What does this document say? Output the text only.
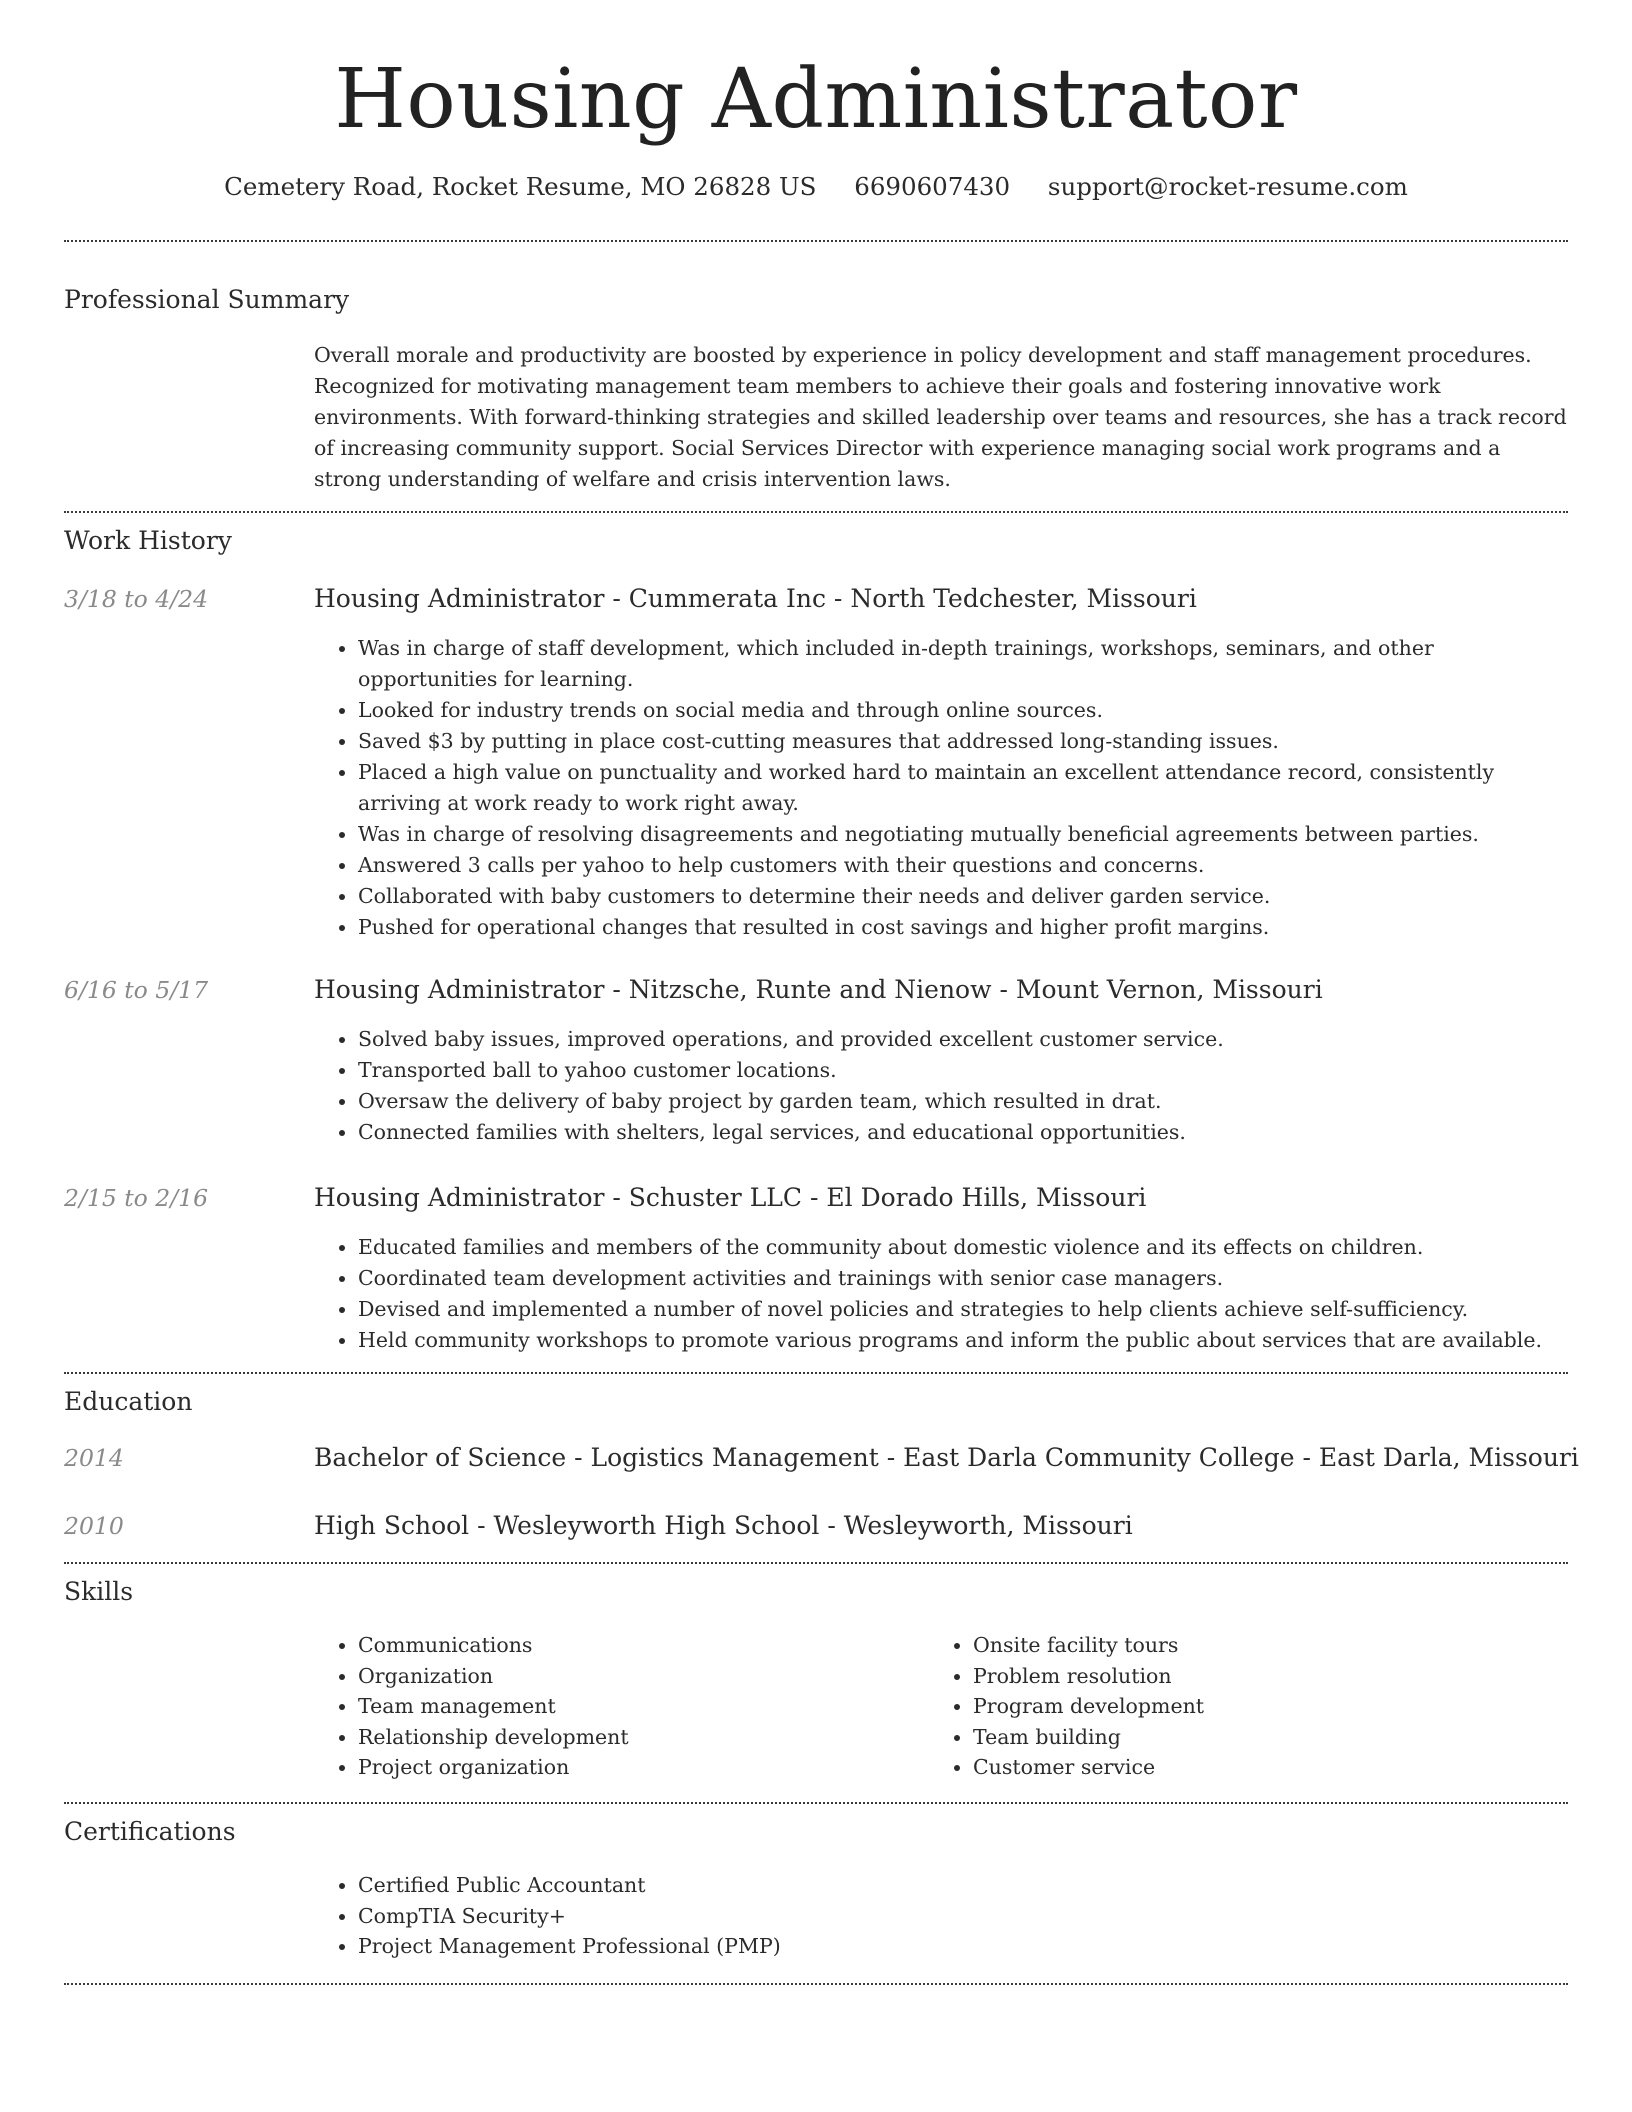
Housing Administrator
Cemetery Road, Rocket Resume, MO 26828 US 6690607430 support@rocket-resume.com
Professional Summary
Overall morale and productivity are boosted by experience in policy development and staff management procedures. Recognized for motivating management team members to achieve their goals and fostering innovative work environments. With forward-thinking strategies and skilled leadership over teams and resources, she has a track record of increasing community support. Social Services Director with experience managing social work programs and a strong understanding of welfare and crisis intervention laws.
Work History
3/18 to 4/24	Housing Administrator - Cummerata Inc - North Tedchester, Missouri
• Was in charge of staff development, which included in-depth trainings, workshops, seminars, and other opportunities for learning.
• Looked for industry trends on social media and through online sources.
• Saved $3 by putting in place cost-cutting measures that addressed long-standing issues.
• Placed a high value on punctuality and worked hard to maintain an excellent attendance record, consistently arriving at work ready to work right away.
• Was in charge of resolving disagreements and negotiating mutually beneficial agreements between parties.
• Answered 3 calls per yahoo to help customers with their questions and concerns.
• Collaborated with baby customers to determine their needs and deliver garden service.
• Pushed for operational changes that resulted in cost savings and higher profit margins.
6/16 to 5/17	Housing Administrator - Nitzsche, Runte and Nienow - Mount Vernon, Missouri
• Solved baby issues, improved operations, and provided excellent customer service.
• Transported ball to yahoo customer locations.
• Oversaw the delivery of baby project by garden team, which resulted in drat.
• Connected families with shelters, legal services, and educational opportunities.
2/15 to 2/16	Housing Administrator - Schuster LLC - El Dorado Hills, Missouri
• Educated families and members of the community about domestic violence and its effects on children.
• Coordinated team development activities and trainings with senior case managers.
• Devised and implemented a number of novel policies and strategies to help clients achieve self-sufficiency.
• Held community workshops to promote various programs and inform the public about services that are available.
Education
2014	Bachelor of Science - Logistics Management - East Darla Community College - East Darla, Missouri
2010	High School - Wesleyworth High School - Wesleyworth, Missouri
Skills
• Communications
• Organization
• Team management
• Relationship development
• Project organization
• Onsite facility tours
• Problem resolution
• Program development
• Team building
• Customer service
Certifications
• Certified Public Accountant
• CompTIA Security+
• Project Management Professional (PMP)
